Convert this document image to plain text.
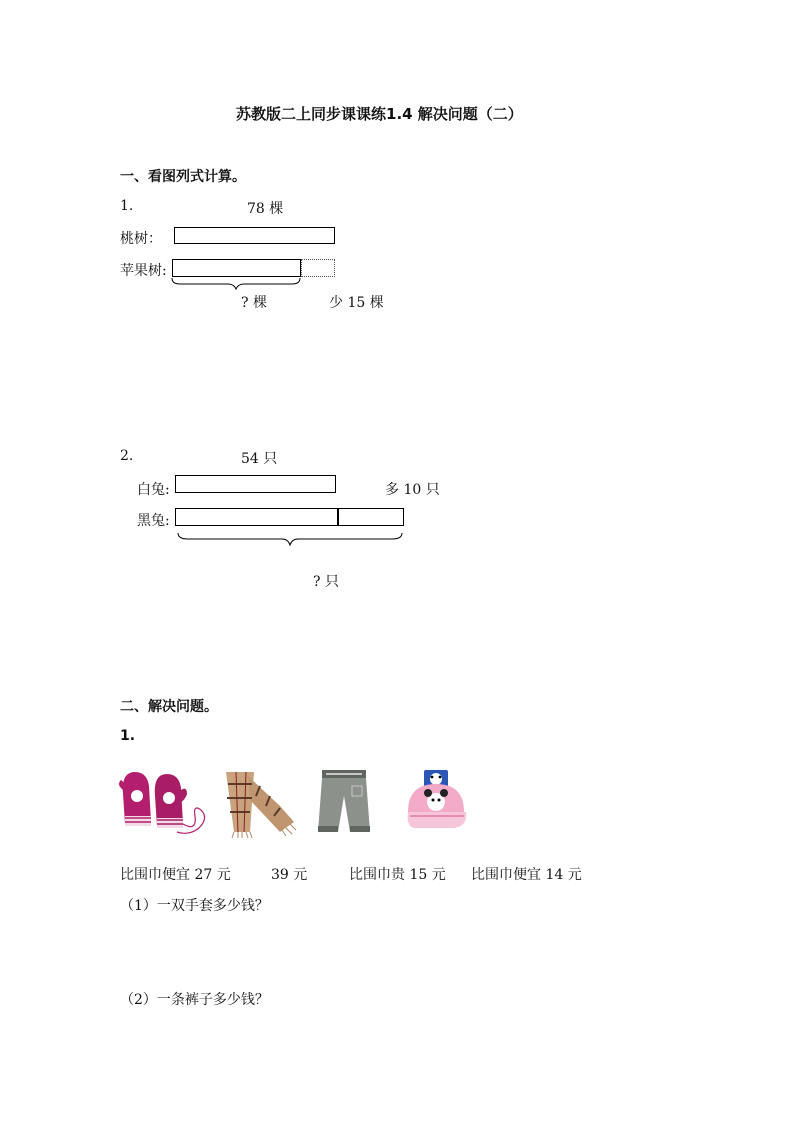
苏教版二上同步课课练1.4 解决问题（二）
一、看图列式计算。
1.	78 棵
桃树：
苹果树:
? 棵	少 15 棵
2.	54 只
白兔:	多 10 只
黑兔:
? 只
二、解决问题。
1.
比围巾便宜 27 元	39 元	比围巾贵 15 元 比围巾便宜 14 元
（1）一双手套多少钱？
（2）一条裤子多少钱？
